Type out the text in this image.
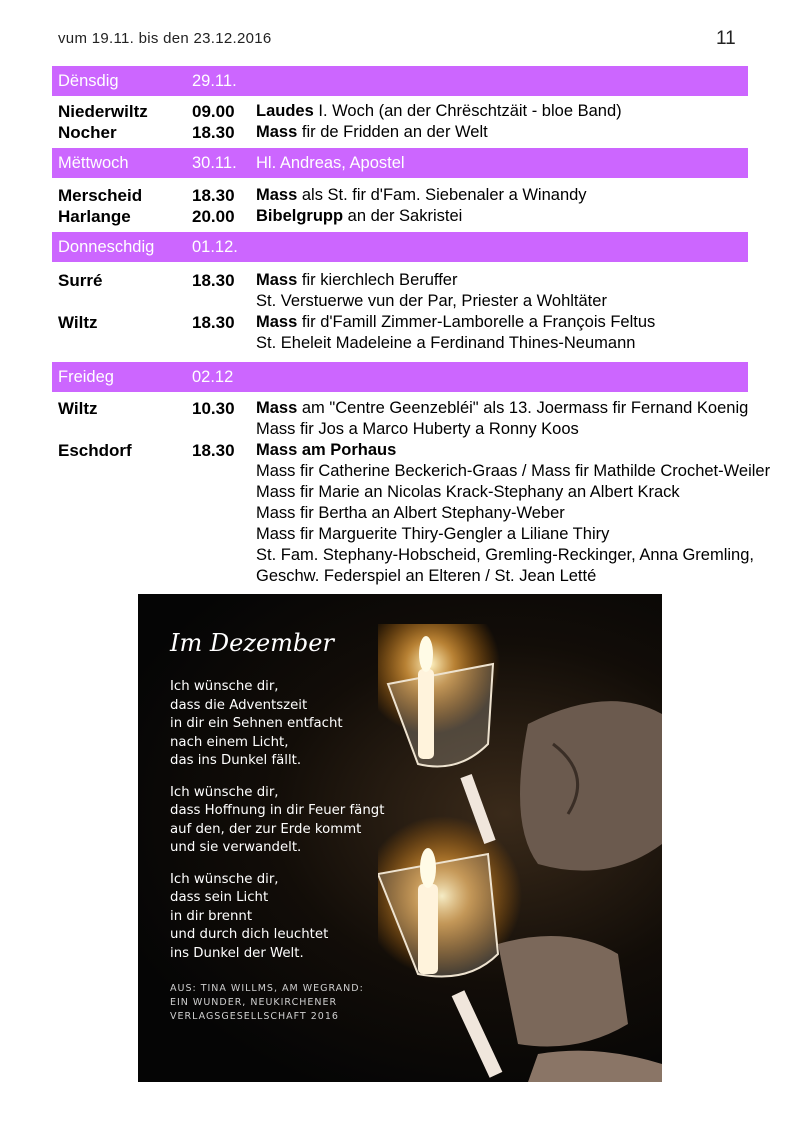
vum 19.11. bis den 23.12.2016	11
Dënsdig	29.11.
Niederwiltz	09.00 Laudes I. Woch (an der Chrëschtzäit - bloe Band)
Nocher	18.30 Mass fir de Fridden an der Welt
Mëttwoch	30.11. Hl. Andreas, Apostel
Merscheid	18.30 Mass als St. fir d'Fam. Siebenaler a Winandy
Harlange	20.00 Bibelgrupp an der Sakristei
Donneschdig 01.12.
Surré	18.30 Mass fir kierchlech Beruffer
St. Verstuerwe vun der Par, Priester a Wohltäter
Wiltz	18.30 Mass fir d'Famill Zimmer-Lamborelle a François Feltus
St. Eheleit Madeleine a Ferdinand Thines-Neumann
Freideg	02.12
Wiltz	10.30 Mass am "Centre Geenzebléi" als 13. Joermass fir Fernand Koenig
Mass fir Jos a Marco Huberty a Ronny Koos
Eschdorf	18.30 Mass am Porhaus
Mass fir Catherine Beckerich-Graas / Mass fir Mathilde Crochet-Weiler
Mass fir Marie an Nicolas Krack-Stephany an Albert Krack
Mass fir Bertha an Albert Stephany-Weber
Mass fir Marguerite Thiry-Gengler a Liliane Thiry
St. Fam. Stephany-Hobscheid, Gremling-Reckinger, Anna Gremling,
Geschw. Federspiel an Elteren / St. Jean Letté
Im Dezember
Ich wünsche dir,
dass die Adventszeit
in dir ein Sehnen entfacht
nach einem Licht,
das ins Dunkel fällt.
Ich wünsche dir,
dass Hoffnung in dir Feuer fängt
auf den, der zur Erde kommt
und sie verwandelt.
Ich wünsche dir,
dass sein Licht
in dir brennt
und durch dich leuchtet
ins Dunkel der Welt.
AUS: TINA WILLMS, AM WEGRAND:
EIN WUNDER, NEUKIRCHENER
VERLAGSGESELLSCHAFT 2016
